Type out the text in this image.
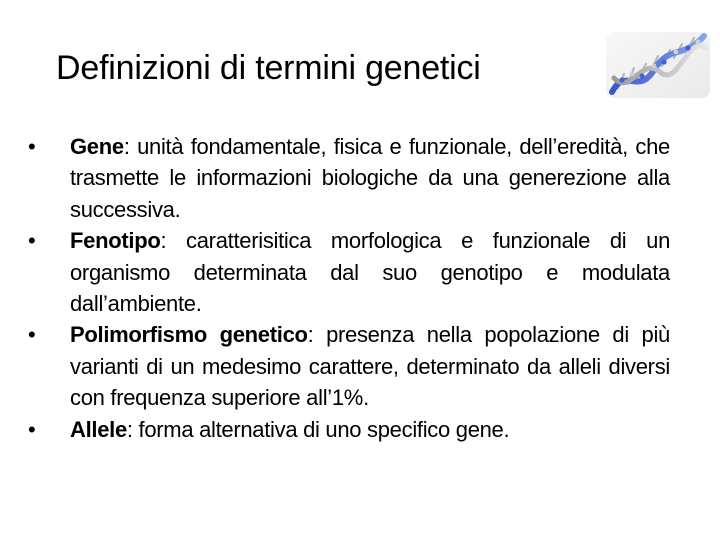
Definizioni di termini genetici
• Gene: unità fondamentale, fisica e funzionale, dell’eredità, che trasmette le informazioni biologiche da una generezione alla successiva.
• Fenotipo: caratterisitica morfologica e funzionale di un organismo determinata dal suo genotipo e modulata dall’ambiente.
• Polimorfismo genetico: presenza nella popolazione di più varianti di un medesimo carattere, determinato da alleli diversi con frequenza superiore all’1%.
• Allele: forma alternativa di uno specifico gene.
